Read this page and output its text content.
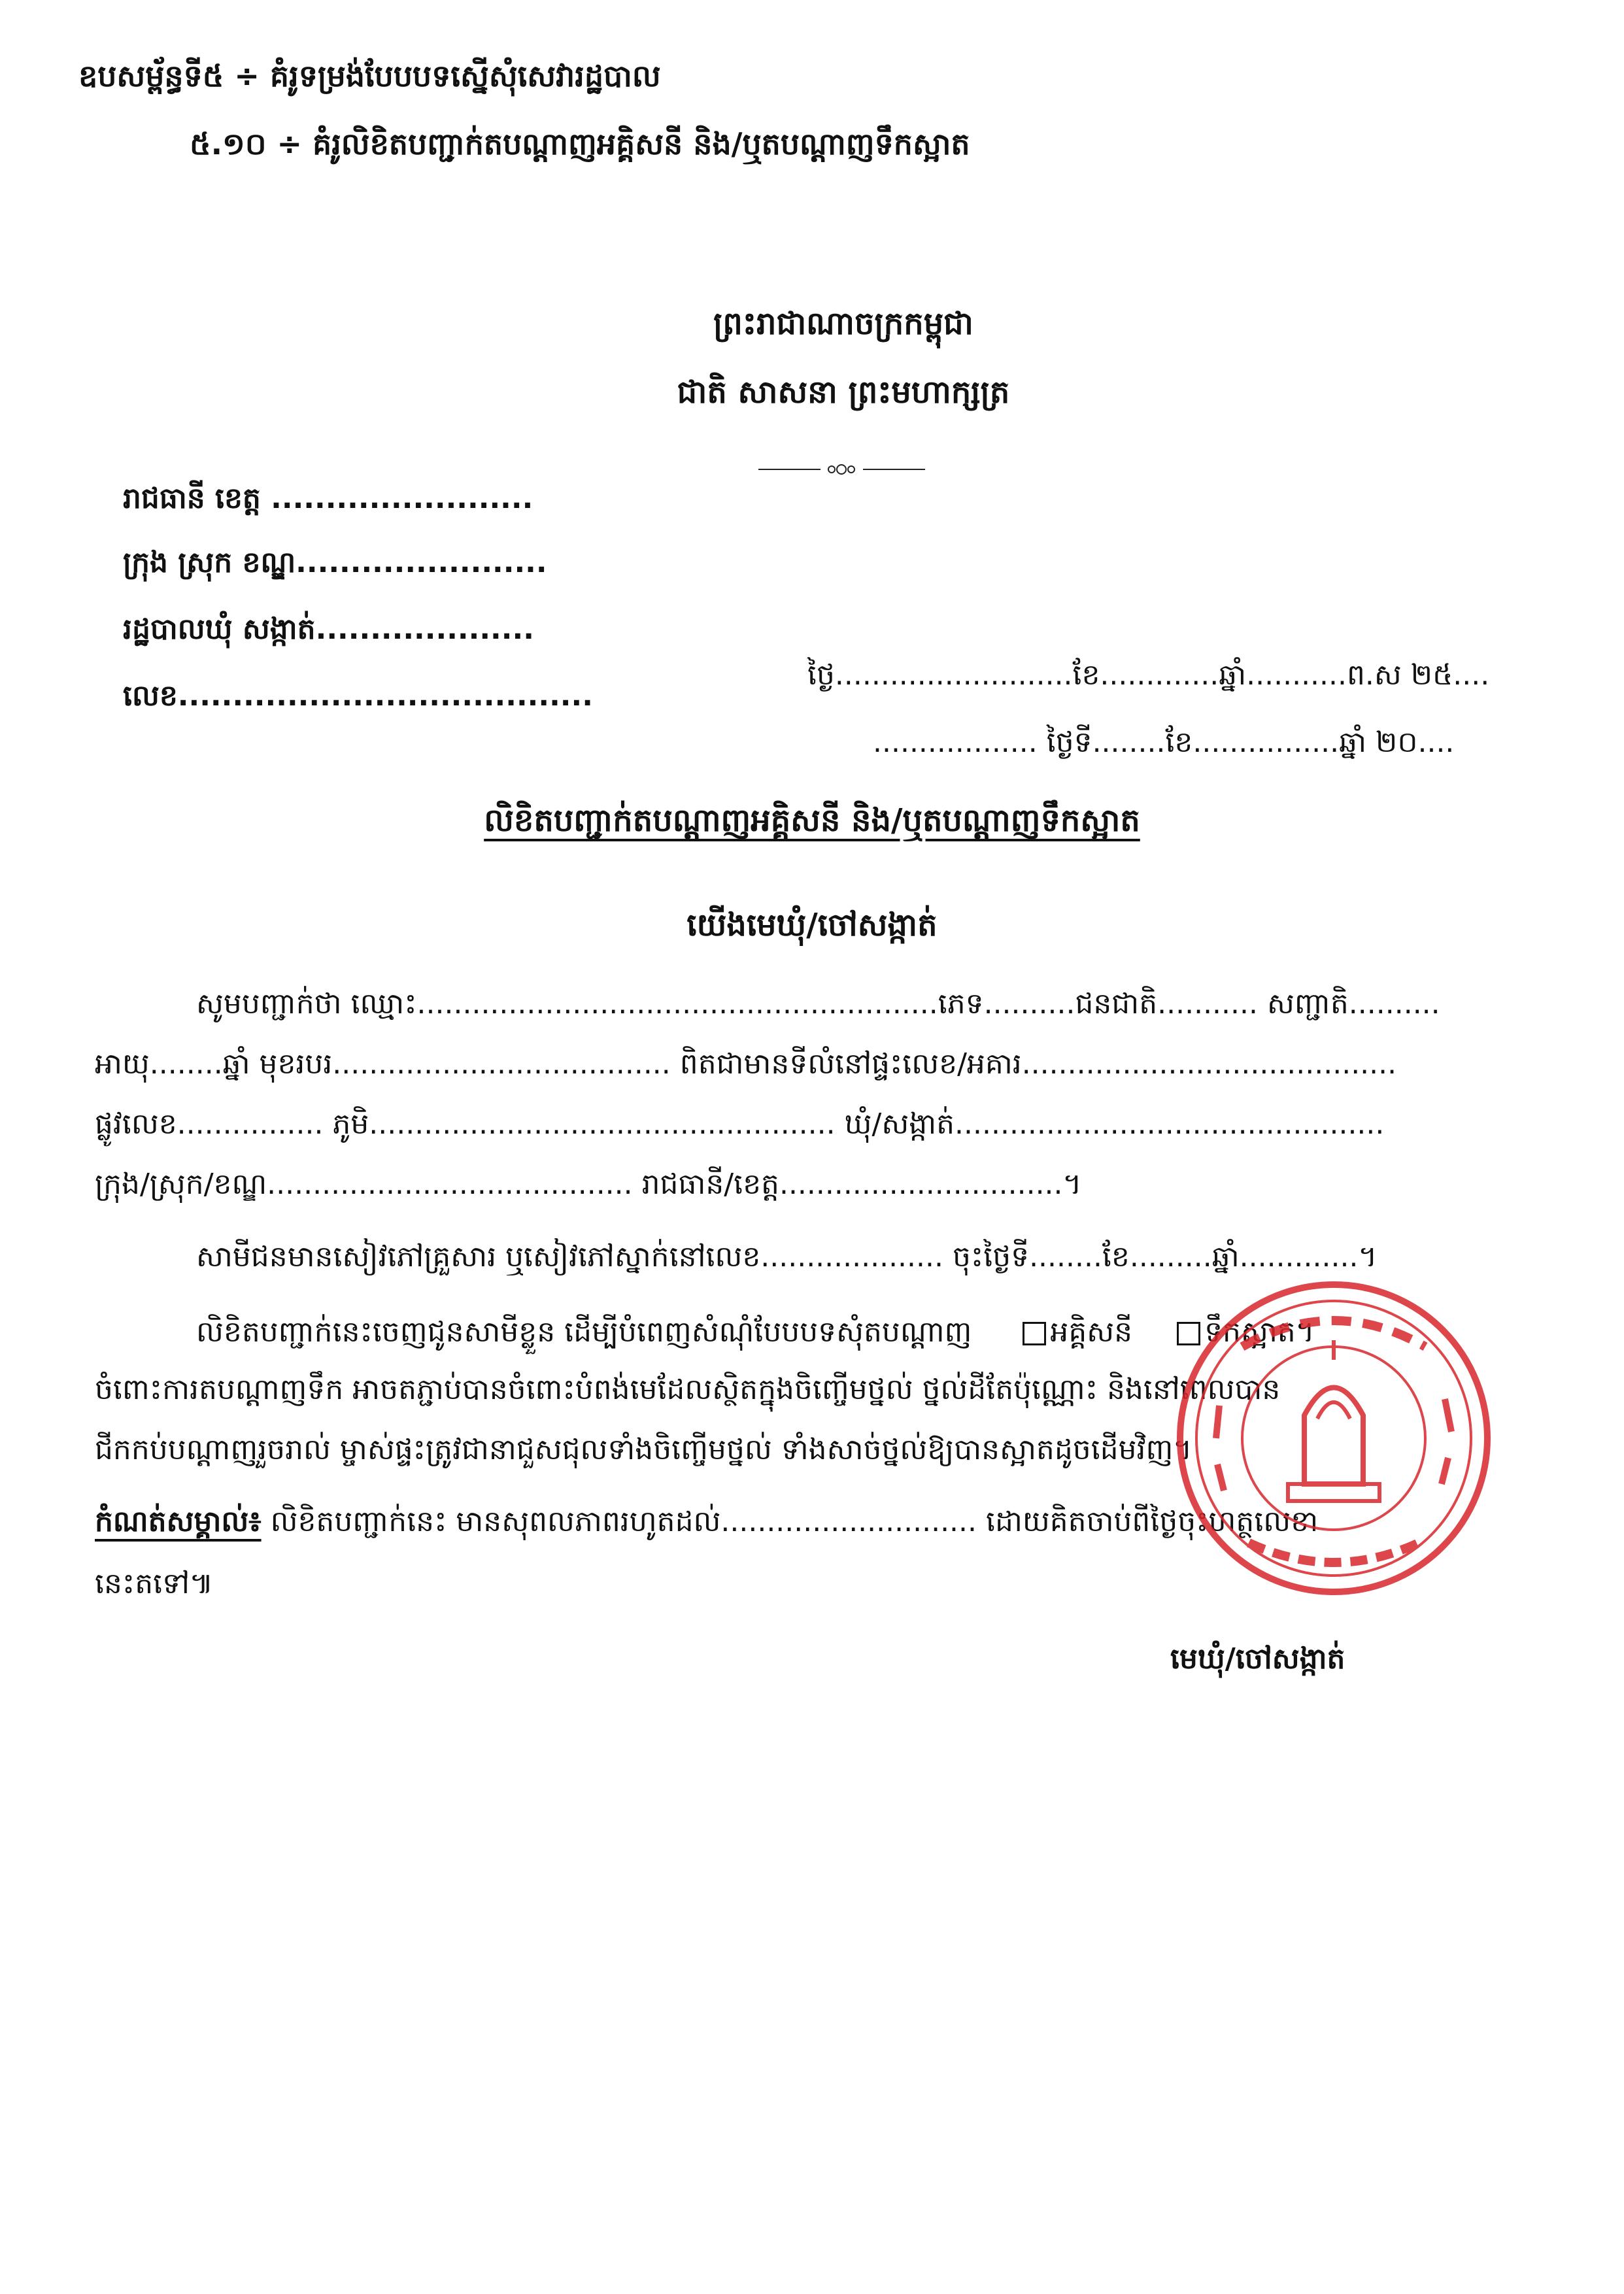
ឧបសម្ព័ន្ធទី៥ ÷ គំរូទម្រង់បែបបទស្នើសុំសេវារដ្ឋបាល
៥.១០ ÷ គំរូលិខិតបញ្ជាក់តបណ្ដាញអគ្គិសនី និង/ឬតបណ្ដាញទឹកស្អាត
ព្រះរាជាណាចក្រកម្ពុជា
ជាតិ សាសនា ព្រះមហាក្សត្រ
រាជធានី ខេត្ត ........................
ក្រុង ស្រុក ខណ្ឌ.......................
រដ្ឋបាលឃុំ សង្កាត់....................
លេខ......................................
ថ្ងៃ..........................ខែ.............ឆ្នាំ...........ព.ស ២៥....
.................. ថ្ងៃទី........ខែ................ឆ្នាំ ២០....
លិខិតបញ្ជាក់តបណ្ដាញអគ្គិសនី និង/ឬតបណ្ដាញទឹកស្អាត
យើងមេឃុំ/ចៅសង្កាត់
សូមបញ្ជាក់ថា ឈ្មោះ.........................................................ភេទ..........ជនជាតិ........... សញ្ជាតិ..........
អាយុ........ឆ្នាំ មុខរបរ..................................... ពិតជាមានទីលំនៅផ្ទះលេខ/អគារ.........................................
ផ្លូវលេខ................ ភូមិ................................................... ឃុំ/សង្កាត់...............................................
ក្រុង/ស្រុក/ខណ្ឌ........................................ រាជធានី/ខេត្ត...............................។
សាមីជនមានសៀវភៅគ្រួសារ ឬសៀវភៅស្នាក់នៅលេខ.................... ចុះថ្ងៃទី........ខែ.........ឆ្នាំ.............។
លិខិតបញ្ជាក់នេះចេញជូនសាមីខ្លួន ដើម្បីបំពេញសំណុំបែបបទសុំតបណ្ដាញ	អគ្គិសនី	ទឹកស្អាត។
ចំពោះការតបណ្ដាញទឹក អាចតភ្ជាប់បានចំពោះបំពង់មេដែលស្ថិតក្នុងចិញ្ចើមថ្នល់ ថ្នល់ដីតែប៉ុណ្ណោះ និងនៅពេលបាន
ជីកកប់បណ្ដាញរួចរាល់ ម្ចាស់ផ្ទះត្រូវជានាជួសជុលទាំងចិញ្ចើមថ្នល់ ទាំងសាច់ថ្នល់ឱ្យបានស្អាតដូចដើមវិញ។
កំណត់សម្គាល់៖ លិខិតបញ្ជាក់នេះ មានសុពលភាពរហូតដល់............................ ដោយគិតចាប់ពីថ្ងៃចុះហត្ថលេខា
នេះតទៅ៕
មេឃុំ/ចៅសង្កាត់
